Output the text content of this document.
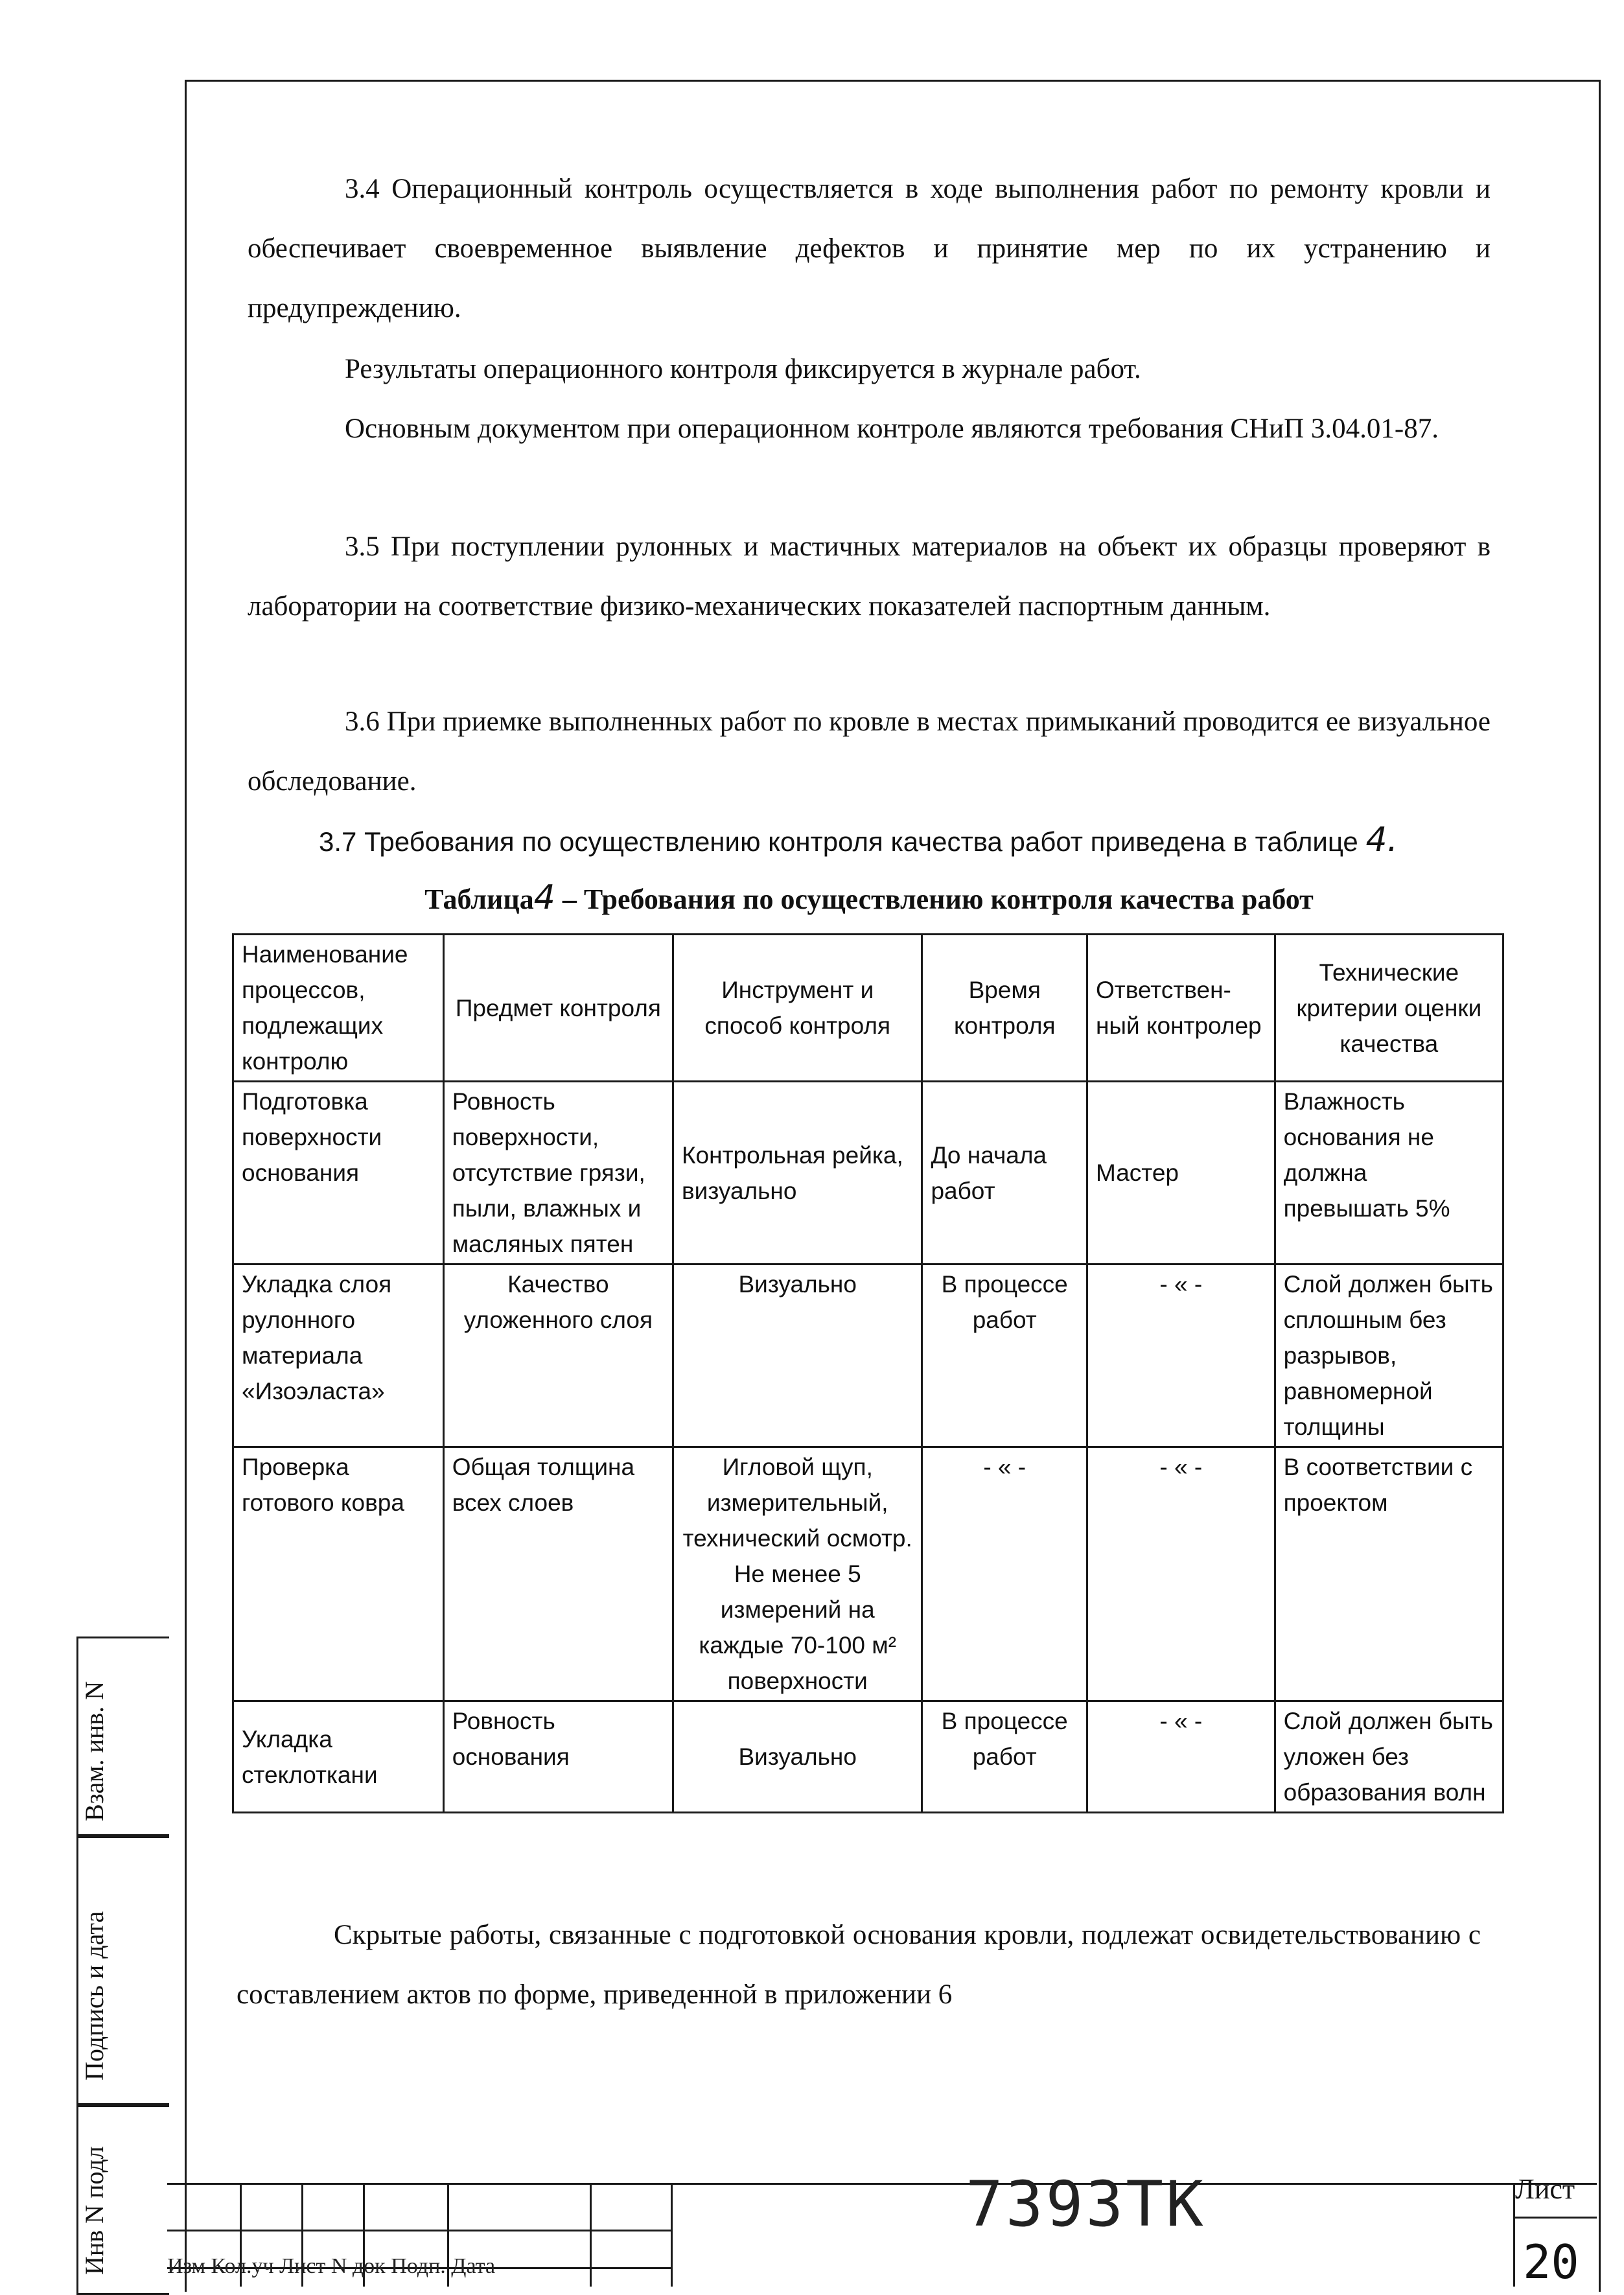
3.4 Операционный контроль осуществляется в ходе выполнения работ по ремонту кровли и обеспечивает своевременное выявление дефектов и принятие мер по их устранению и предупреждению.

Результаты операционного контроля фиксируется в журнале работ.

Основным документом при операционном контроле являются требования СНиП 3.04.01-87.

3.5 При поступлении рулонных и мастичных материалов на объект их образцы проверяют в лаборатории на соответствие физико-механических показателей паспортным данным.

3.6 При приемке выполненных работ по кровле в местах примыканий проводится ее визуальное обследование.

3.7 Требования по осуществлению контроля качества работ приведена в таблице 4.
Таблица4 – Требования по осуществлению контроля качества работ
Наименование процессов, подлежащих контролю	Предмет контроля	Инструмент и способ контроля	Время контроля	Ответствен-ный контролер	Технические критерии оценки качества
Подготовка поверхности основания	Ровность поверхности, отсутствие грязи, пыли, влажных и масляных пятен	Контрольная рейка, визуально	До начала работ	Мастер	Влажность основания не должна превышать 5%
Укладка слоя рулонного материала «Изоэласта»	Качество уложенного слоя	Визуально	В процессе работ	- « -	Слой должен быть сплошным без разрывов, равномерной толщины
Проверка готового ковра	Общая толщина всех слоев	Игловой щуп, измерительный, технический осмотр. Не менее 5 измерений на каждые 70-100 м² поверхности	- « -	- « -	В соответствии с проектом
Укладка стеклоткани	Ровность основания	Визуально	В процессе работ	- « -	Слой должен быть уложен без образования волн
Скрытые работы, связанные с подготовкой основания кровли, подлежат освидетельствованию с составлением актов по форме, приведенной в приложении 6
Взам. инв. N
Подпись и дата
Инв N подл	Изм Кол.уч Лист N док Подп. Дата
7393ТК	Лист
20
